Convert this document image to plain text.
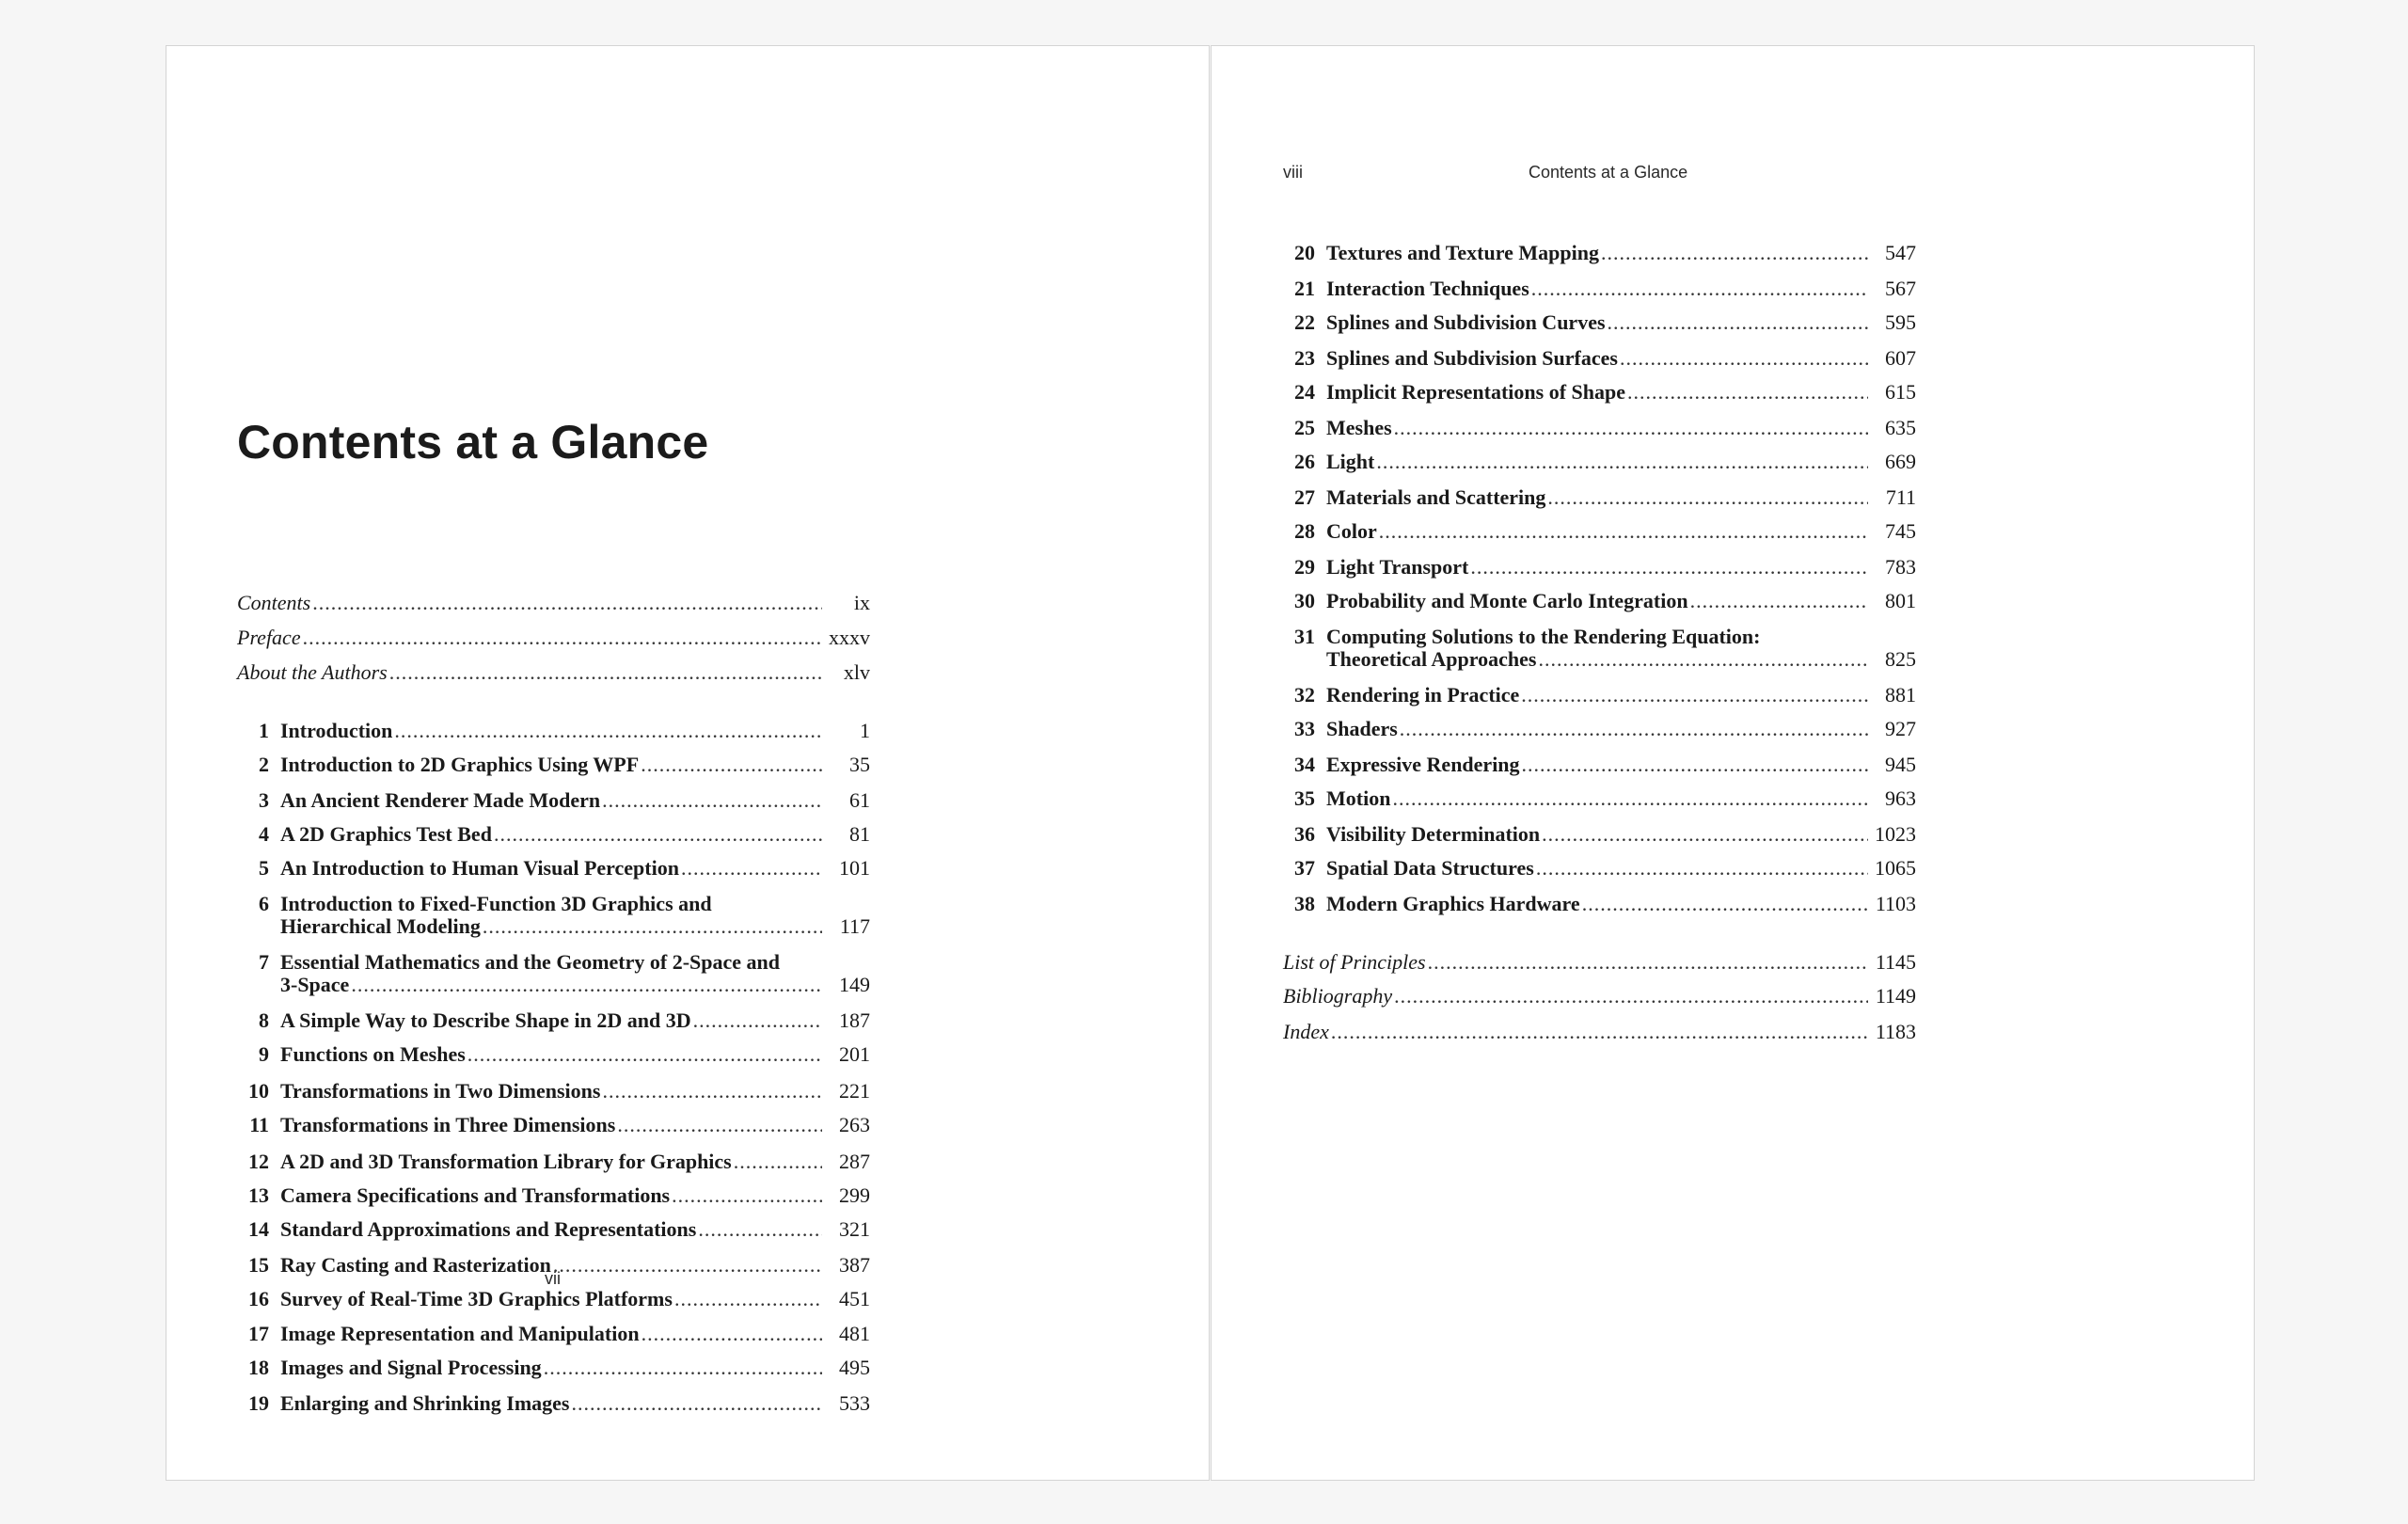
Contents at a Glance
Contents .....	ix
Preface .....	xxxv
About the Authors .....	xlv
1 Introduction .....	1
2 Introduction to 2D Graphics Using WPF .....	35
3 An Ancient Renderer Made Modern .....	61
4 A 2D Graphics Test Bed .....	81
5 An Introduction to Human Visual Perception .....	101
6 Introduction to Fixed-Function 3D Graphics and
Hierarchical Modeling .....	117
7 Essential Mathematics and the Geometry of 2-Space and
3-Space .....	149
8 A Simple Way to Describe Shape in 2D and 3D .....	187
9 Functions on Meshes .....	201
10 Transformations in Two Dimensions .....	221
11 Transformations in Three Dimensions .....	263
12 A 2D and 3D Transformation Library for Graphics .....	287
13 Camera Specifications and Transformations .....	299
14 Standard Approximations and Representations .....	321
15 Ray Casting and Rasterization .....	387
16 Survey of Real-Time 3D Graphics Platforms .....	451
17 Image Representation and Manipulation .....	481
18 Images and Signal Processing .....	495
19 Enlarging and Shrinking Images .....	533
vii
viii	Contents at a Glance
20 Textures and Texture Mapping .....	547
21 Interaction Techniques .....	567
22 Splines and Subdivision Curves .....	595
23 Splines and Subdivision Surfaces .....	607
24 Implicit Representations of Shape .....	615
25 Meshes .....	635
26 Light .....	669
27 Materials and Scattering .....	711
28 Color .....	745
29 Light Transport .....	783
30 Probability and Monte Carlo Integration .....	801
31 Computing Solutions to the Rendering Equation:
Theoretical Approaches .....	825
32 Rendering in Practice .....	881
33 Shaders .....	927
34 Expressive Rendering .....	945
35 Motion .....	963
36 Visibility Determination .....	1023
37 Spatial Data Structures .....	1065
38 Modern Graphics Hardware .....	1103
List of Principles .....	1145
Bibliography .....	1149
Index .....	1183
